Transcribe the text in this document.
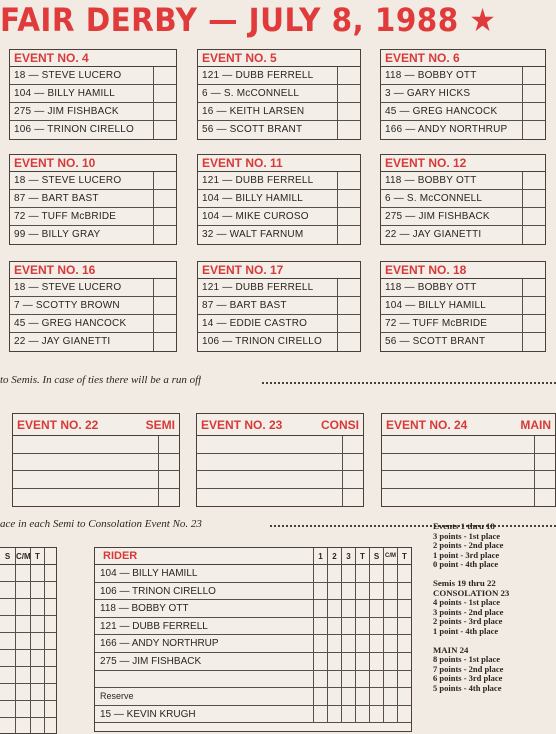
FAIR DERBY — JULY 8, 1988 ★
EVENT NO. 4
18 — STEVE LUCERO
104 — BILLY HAMILL
275 — JIM FISHBACK
106 — TRINON CIRELLO
EVENT NO. 5
121 — DUBB FERRELL
6 — S. McCONNELL
16 — KEITH LARSEN
56 — SCOTT BRANT
EVENT NO. 6
118 — BOBBY OTT
3 — GARY HICKS
45 — GREG HANCOCK
166 — ANDY NORTHRUP
EVENT NO. 10
18 — STEVE LUCERO
87 — BART BAST
72 — TUFF McBRIDE
99 — BILLY GRAY
EVENT NO. 11
121 — DUBB FERRELL
104 — BILLY HAMILL
104 — MIKE CUROSO
32 — WALT FARNUM
EVENT NO. 12
118 — BOBBY OTT
6 — S. McCONNELL
275 — JIM FISHBACK
22 — JAY GIANETTI
EVENT NO. 16
18 — STEVE LUCERO
7 — SCOTTY BROWN
45 — GREG HANCOCK
22 — JAY GIANETTI
EVENT NO. 17
121 — DUBB FERRELL
87 — BART BAST
14 — EDDIE CASTRO
106 — TRINON CIRELLO
EVENT NO. 18
118 — BOBBY OTT
104 — BILLY HAMILL
72 — TUFF McBRIDE
56 — SCOTT BRANT
to Semis. In case of ties there will be a run off
EVENT NO. 22	SEMI	EVENT NO. 23	CONSI	EVENT NO. 24	MAIN
ace in each Semi to Consolation Event No. 23
S C/M T	RIDER	1	2	3	T	S C/M T
104 — BILLY HAMILL
106 — TRINON CIRELLO
118 — BOBBY OTT
121 — DUBB FERRELL
166 — ANDY NORTHRUP
275 — JIM FISHBACK
Reserve
15 — KEVIN KRUGH
Events 1 thru 18
3 points - 1st place
2 points - 2nd place
1 point - 3rd place
0 point - 4th place
Semis 19 thru 22
CONSOLATION 23
4 points - 1st place
3 points - 2nd place
2 points - 3rd place
1 point - 4th place
MAIN 24
8 points - 1st place
7 points - 2nd place
6 points - 3rd place
5 points - 4th place
